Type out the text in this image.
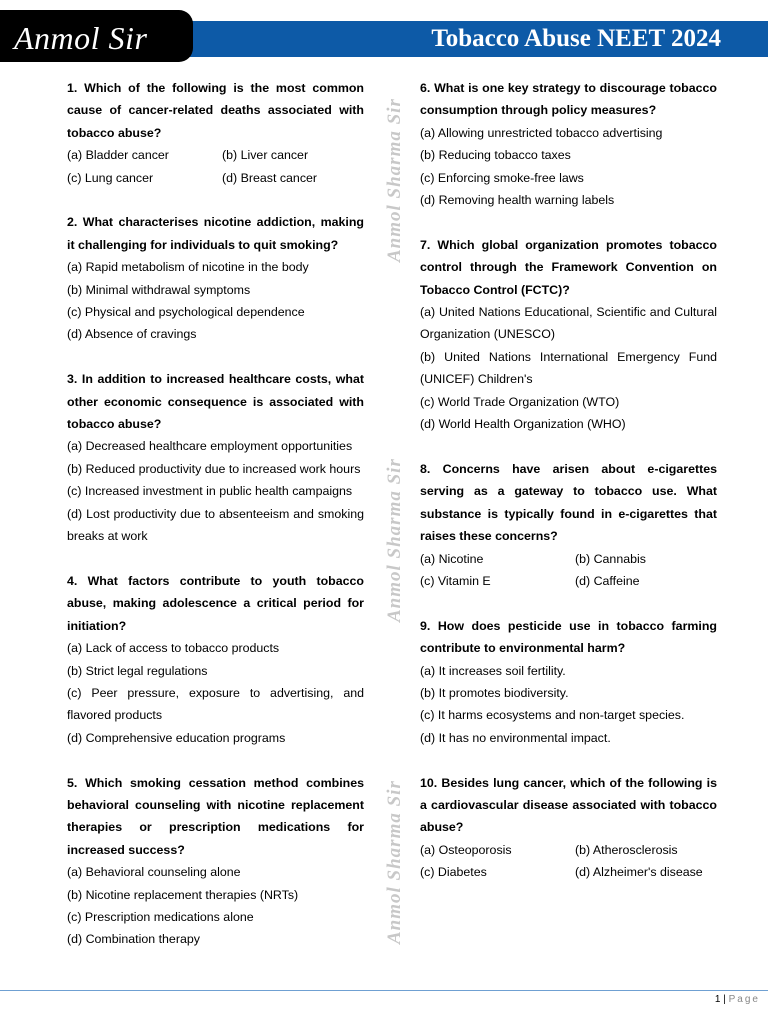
Anmol Sir	Tobacco Abuse NEET 2024
Anmol Sharma Sir
Anmol Sharma Sir
Anmol Sharma Sir
1. Which of the following is the most common cause of cancer-related deaths associated with tobacco abuse?
(a) Bladder cancer	(b) Liver cancer
(c) Lung cancer	(d) Breast cancer
2. What characterises nicotine addiction, making it challenging for individuals to quit smoking?
(a) Rapid metabolism of nicotine in the body
(b) Minimal withdrawal symptoms
(c) Physical and psychological dependence
(d) Absence of cravings
3. In addition to increased healthcare costs, what other economic consequence is associated with tobacco abuse?
(a) Decreased healthcare employment opportunities
(b) Reduced productivity due to increased work hours
(c) Increased investment in public health campaigns
(d) Lost productivity due to absenteeism and smoking breaks at work
4. What factors contribute to youth tobacco abuse, making adolescence a critical period for initiation?
(a) Lack of access to tobacco products
(b) Strict legal regulations
(c) Peer pressure, exposure to advertising, and flavored products
(d) Comprehensive education programs
5. Which smoking cessation method combines behavioral counseling with nicotine replacement therapies or prescription medications for increased success?
(a) Behavioral counseling alone
(b) Nicotine replacement therapies (NRTs)
(c) Prescription medications alone
(d) Combination therapy
6. What is one key strategy to discourage tobacco consumption through policy measures?
(a) Allowing unrestricted tobacco advertising
(b) Reducing tobacco taxes
(c) Enforcing smoke-free laws
(d) Removing health warning labels
7. Which global organization promotes tobacco control through the Framework Convention on Tobacco Control (FCTC)?
(a) United Nations Educational, Scientific and Cultural Organization (UNESCO)
(b) United Nations International Emergency Fund (UNICEF) Children's
(c) World Trade Organization (WTO)
(d) World Health Organization (WHO)
8. Concerns have arisen about e-cigarettes serving as a gateway to tobacco use. What substance is typically found in e-cigarettes that raises these concerns?
(a) Nicotine	(b) Cannabis
(c) Vitamin E	(d) Caffeine
9. How does pesticide use in tobacco farming contribute to environmental harm?
(a) It increases soil fertility.
(b) It promotes biodiversity.
(c) It harms ecosystems and non-target species.
(d) It has no environmental impact.
10. Besides lung cancer, which of the following is a cardiovascular disease associated with tobacco abuse?
(a) Osteoporosis	(b) Atherosclerosis
(c) Diabetes	(d) Alzheimer's disease
1 | Page
